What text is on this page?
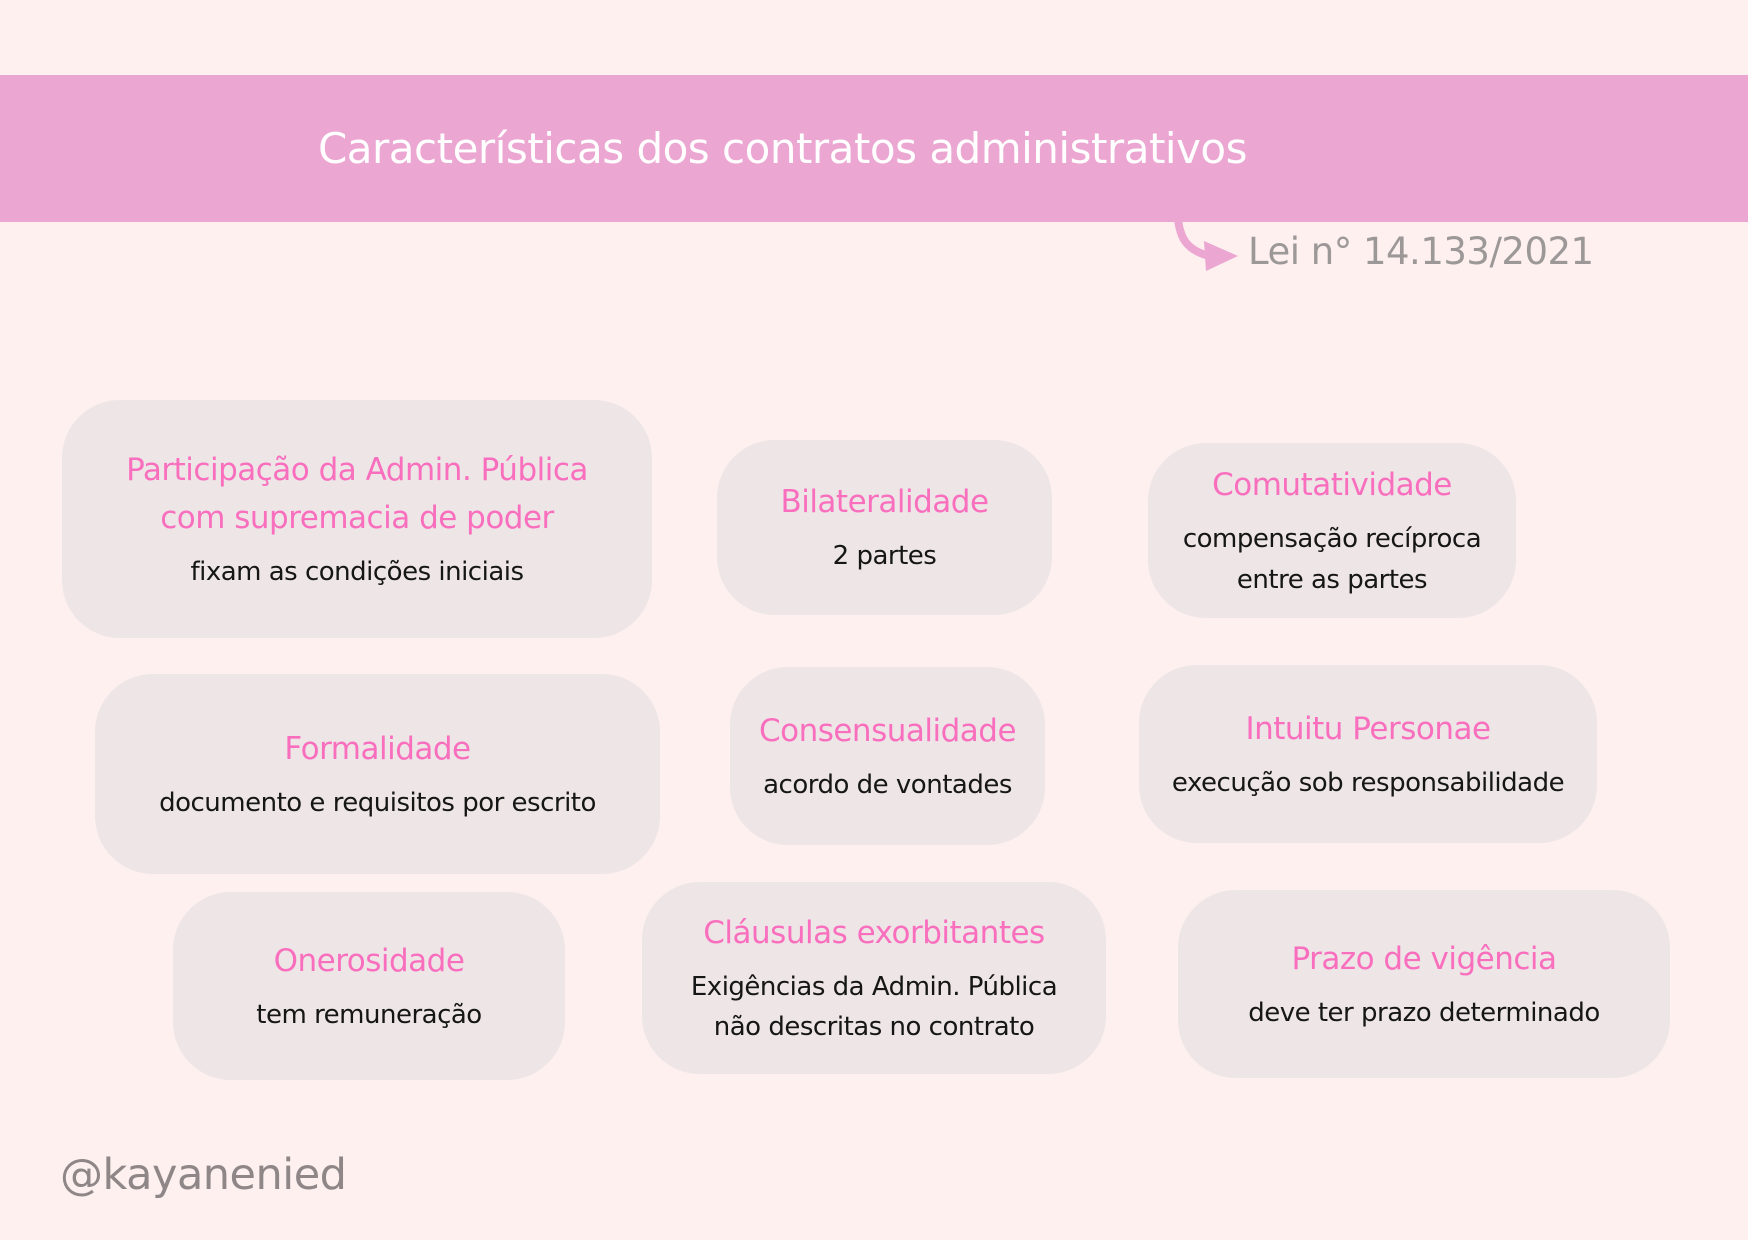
Características dos contratos administrativos
Lei n° 14.133/2021
Participação da Admin. Pública
com supremacia de poder
fixam as condições iniciais
Bilateralidade
2 partes
Comutatividade
compensação recíproca
entre as partes
Formalidade
documento e requisitos por escrito
Consensualidade
acordo de vontades
Intuitu Personae
execução sob responsabilidade
Onerosidade
tem remuneração
Cláusulas exorbitantes
Exigências da Admin. Pública
não descritas no contrato
Prazo de vigência
deve ter prazo determinado
@kayanenied
